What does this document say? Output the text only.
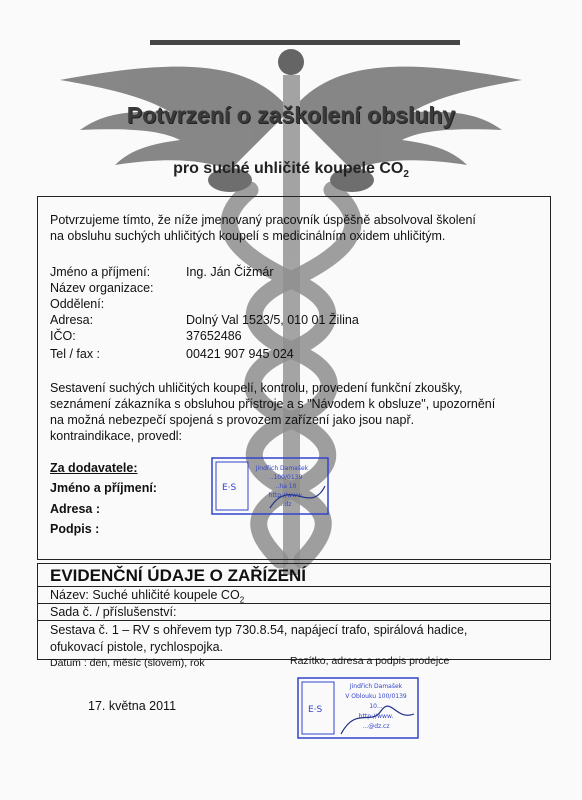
Potvrzení o zaškolení obsluhy
pro suché uhličité koupele $CO_2$
Potvrzujeme tímto, že níže jmenovaný pracovník úspěšně absolvoval školení
na obsluhu suchých uhličitých koupelí s medicinálním oxidem uhličitým.
Jméno a příjmení:	Ing. Ján Čižmár
Název organizace:
Oddělení:
Adresa:	Dolný Val 1523/5, 010 01 Žilina
IČO:	37652486
Tel / fax :	00421 907 945 024
Sestavení suchých uhličitých koupelí, kontrolu, provedení funkční zkoušky,
seznámení zákazníka s obsluhou přístroje a s "Návodem k obsluze", upozornění
na možná nebezpečí spojená s provozem zařízení jako jsou např.
kontraindikace, provedl:
Za dodavatele:
Jméno a příjmení:
Adresa :
Podpis :
E·S
Jindřich Damašek
..100/0139
..ha 10
http://www.
..dz
EVIDENČNÍ ÚDAJE O ZAŘÍZENÍ
Název: Suché uhličité koupele $CO_2$
Sada č. / příslušenství:
Sestava č. 1 – RV s ohřevem typ 730.8.54, napájecí trafo, spirálová hadice,
ofukovací pistole, rychlospojka.
Datum : den, měsíc (slovem), rok	Razítko, adresa a podpis prodejce
17. května 2011	E·S
Jindřich Damašek
V Oblouku 100/0139
10...
http://www.
...@dz.cz
